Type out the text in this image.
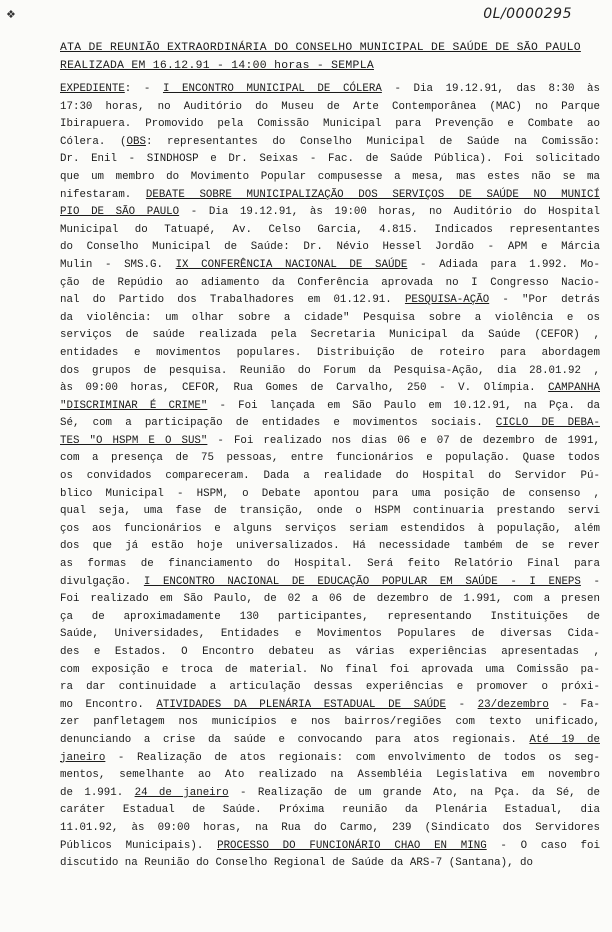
❖	0L/0000295
ATA DE REUNIÃO EXTRAORDINÁRIA DO CONSELHO MUNICIPAL DE SAÚDE DE SÃO PAULO
REALIZADA EM 16.12.91 - 14:00 horas - SEMPLA
EXPEDIENTE: - I ENCONTRO MUNICIPAL DE CÓLERA - Dia 19.12.91, das 8:30 às
17:30 horas, no Auditório do Museu de Arte Contemporânea (MAC) no Parque
Ibirapuera. Promovido pela Comissão Municipal para Prevenção e Combate ao
Cólera. (OBS: representantes do Conselho Municipal de Saúde na Comissão:
Dr. Enil - SINDHOSP e Dr. Seixas - Fac. de Saúde Pública). Foi solicitado
que um membro do Movimento Popular compusesse a mesa, mas estes não se ma
nifestaram. DEBATE SOBRE MUNICIPALIZAÇÃO DOS SERVIÇOS DE SAÚDE NO MUNICÍ
PIO DE SÃO PAULO - Dia 19.12.91, às 19:00 horas, no Auditório do Hospital
Municipal do Tatuapé, Av. Celso Garcia, 4.815. Indicados representantes
do Conselho Municipal de Saúde: Dr. Névio Hessel Jordão - APM e Márcia
Mulin - SMS.G. IX CONFERÊNCIA NACIONAL DE SAÚDE - Adiada para 1.992. Mo-
ção de Repúdio ao adiamento da Conferência aprovada no I Congresso Nacio-
nal do Partido dos Trabalhadores em 01.12.91. PESQUISA-AÇÃO - "Por detrás
da violência: um olhar sobre a cidade" Pesquisa sobre a violência e os
serviços de saúde realizada pela Secretaria Municipal da Saúde (CEFOR) ,
entidades e movimentos populares. Distribuição de roteiro para abordagem
dos grupos de pesquisa. Reunião do Forum da Pesquisa-Ação, dia 28.01.92 ,
às 09:00 horas, CEFOR, Rua Gomes de Carvalho, 250 - V. Olímpia. CAMPANHA
"DISCRIMINAR É CRIME" - Foi lançada em São Paulo em 10.12.91, na Pça. da
Sé, com a participação de entidades e movimentos sociais. CICLO DE DEBA-
TES "O HSPM E O SUS" - Foi realizado nos dias 06 e 07 de dezembro de 1991,
com a presença de 75 pessoas, entre funcionários e população. Quase todos
os convidados compareceram. Dada a realidade do Hospital do Servidor Pú-
blico Municipal - HSPM, o Debate apontou para uma posição de consenso ,
qual seja, uma fase de transição, onde o HSPM continuaria prestando servi
ços aos funcionários e alguns serviços seriam estendidos à população, além
dos que já estão hoje universalizados. Há necessidade também de se rever
as formas de financiamento do Hospital. Será feito Relatório Final para
divulgação. I ENCONTRO NACIONAL DE EDUCAÇÃO POPULAR EM SAÚDE - I ENEPS -
Foi realizado em São Paulo, de 02 a 06 de dezembro de 1.991, com a presen
ça de aproximadamente 130 participantes, representando Instituições de
Saúde, Universidades, Entidades e Movimentos Populares de diversas Cida-
des e Estados. O Encontro debateu as várias experiências apresentadas ,
com exposição e troca de material. No final foi aprovada uma Comissão pa-
ra dar continuidade a articulação dessas experiências e promover o próxi-
mo Encontro. ATIVIDADES DA PLENÁRIA ESTADUAL DE SAÚDE - 23/dezembro - Fa-
zer panfletagem nos municípios e nos bairros/regiões com texto unificado,
denunciando a crise da saúde e convocando para atos regionais. Até 19 de
janeiro - Realização de atos regionais: com envolvimento de todos os seg-
mentos, semelhante ao Ato realizado na Assembléia Legislativa em novembro
de 1.991. 24 de janeiro - Realização de um grande Ato, na Pça. da Sé, de
caráter Estadual de Saúde. Próxima reunião da Plenária Estadual, dia
11.01.92, às 09:00 horas, na Rua do Carmo, 239 (Sindicato dos Servidores
Públicos Municipais). PROCESSO DO FUNCIONÁRIO CHAO EN MING - O caso foi
discutido na Reunião do Conselho Regional de Saúde da ARS-7 (Santana), do
